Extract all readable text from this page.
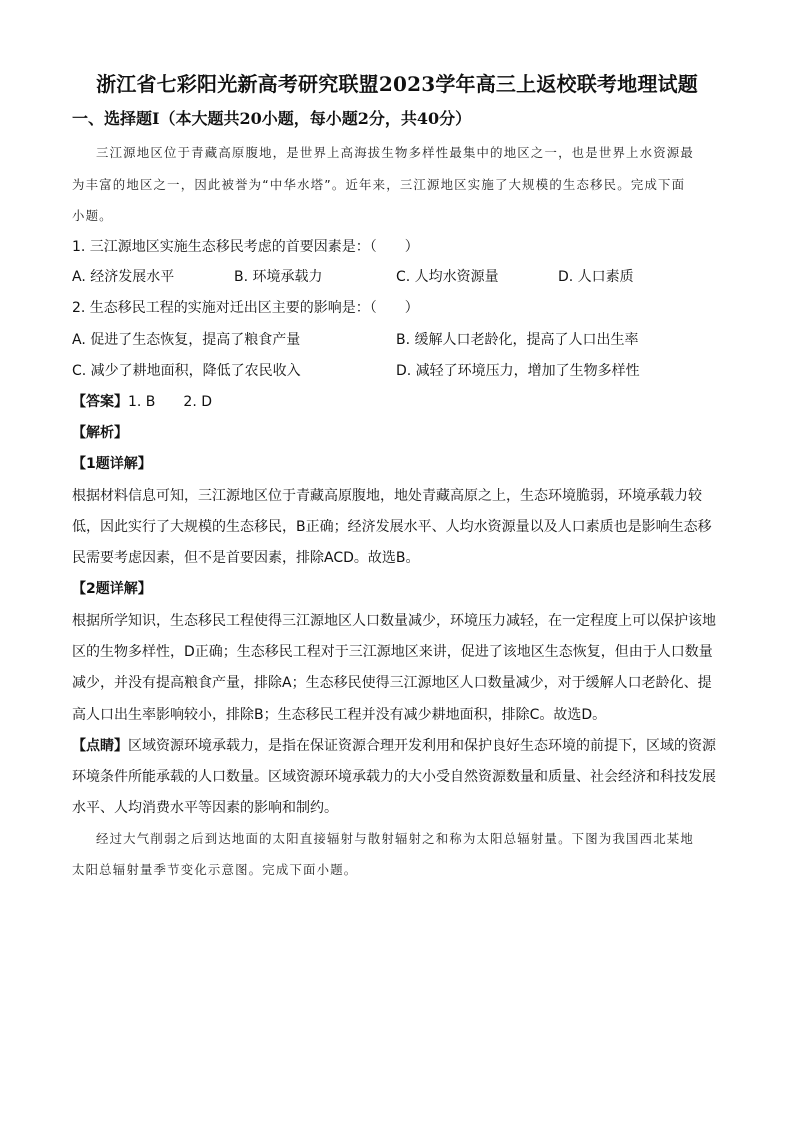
浙江省七彩阳光新高考研究联盟2023学年高三上返校联考地理试题
一、选择题Ⅰ（本大题共20小题，每小题2分，共40分）
三江源地区位于青藏高原腹地，是世界上高海拔生物多样性最集中的地区之一，也是世界上水资源最
为丰富的地区之一，因此被誉为“中华水塔”。近年来，三江源地区实施了大规模的生态移民。完成下面
小题。
1. 三江源地区实施生态移民考虑的首要因素是：（　　）
A. 经济发展水平	B. 环境承载力	C. 人均水资源量	D. 人口素质
2. 生态移民工程的实施对迁出区主要的影响是：（　　）
A. 促进了生态恢复，提高了粮食产量	B. 缓解人口老龄化，提高了人口出生率
C. 减少了耕地面积，降低了农民收入	D. 减轻了环境压力，增加了生物多样性
【答案】1. B　　2. D
【解析】
【1题详解】
根据材料信息可知，三江源地区位于青藏高原腹地，地处青藏高原之上，生态环境脆弱，环境承载力较
低，因此实行了大规模的生态移民，B正确；经济发展水平、人均水资源量以及人口素质也是影响生态移
民需要考虑因素，但不是首要因素，排除ACD。故选B。
【2题详解】
根据所学知识，生态移民工程使得三江源地区人口数量减少，环境压力减轻，在一定程度上可以保护该地
区的生物多样性，D正确；生态移民工程对于三江源地区来讲，促进了该地区生态恢复，但由于人口数量
减少，并没有提高粮食产量，排除A；生态移民使得三江源地区人口数量减少，对于缓解人口老龄化、提
高人口出生率影响较小，排除B；生态移民工程并没有减少耕地面积，排除C。故选D。
【点睛】区域资源环境承载力，是指在保证资源合理开发利用和保护良好生态环境的前提下，区域的资源
环境条件所能承载的人口数量。区域资源环境承载力的大小受自然资源数量和质量、社会经济和科技发展
水平、人均消费水平等因素的影响和制约。
经过大气削弱之后到达地面的太阳直接辐射与散射辐射之和称为太阳总辐射量。下图为我国西北某地
太阳总辐射量季节变化示意图。完成下面小题。
